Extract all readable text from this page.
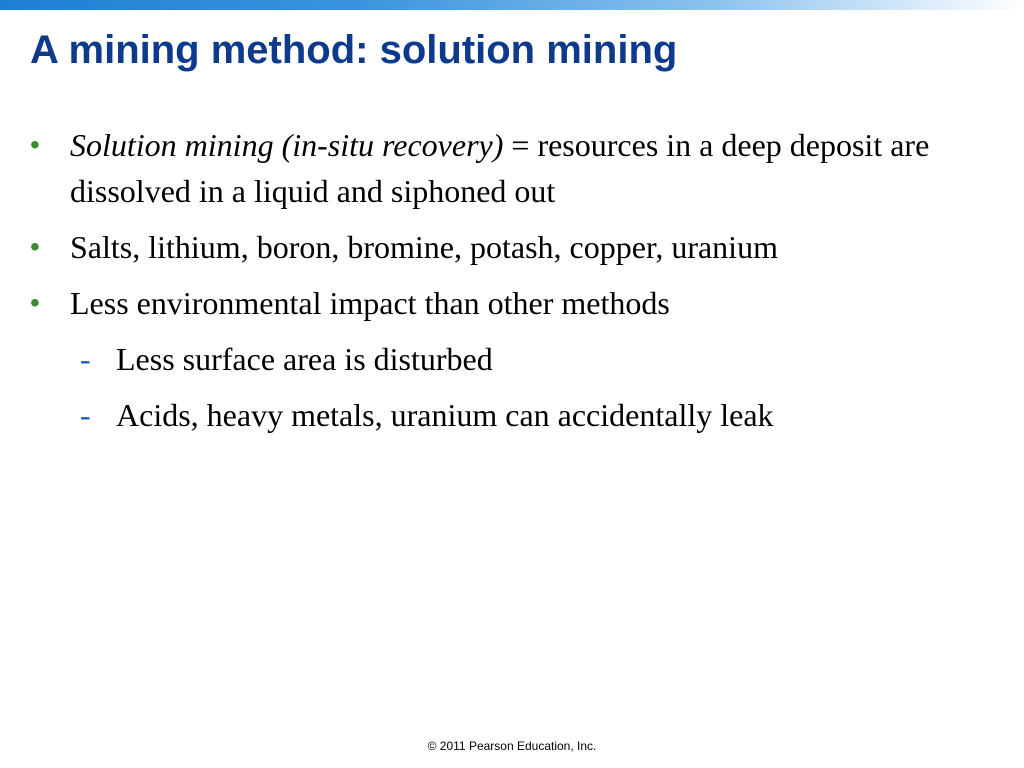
A mining method: solution mining
• Solution mining (in-situ recovery) = resources in a deep deposit are dissolved in a liquid and siphoned out
• Salts, lithium, boron, bromine, potash, copper, uranium
• Less environmental impact than other methods
- Less surface area is disturbed
- Acids, heavy metals, uranium can accidentally leak
© 2011 Pearson Education, Inc.
